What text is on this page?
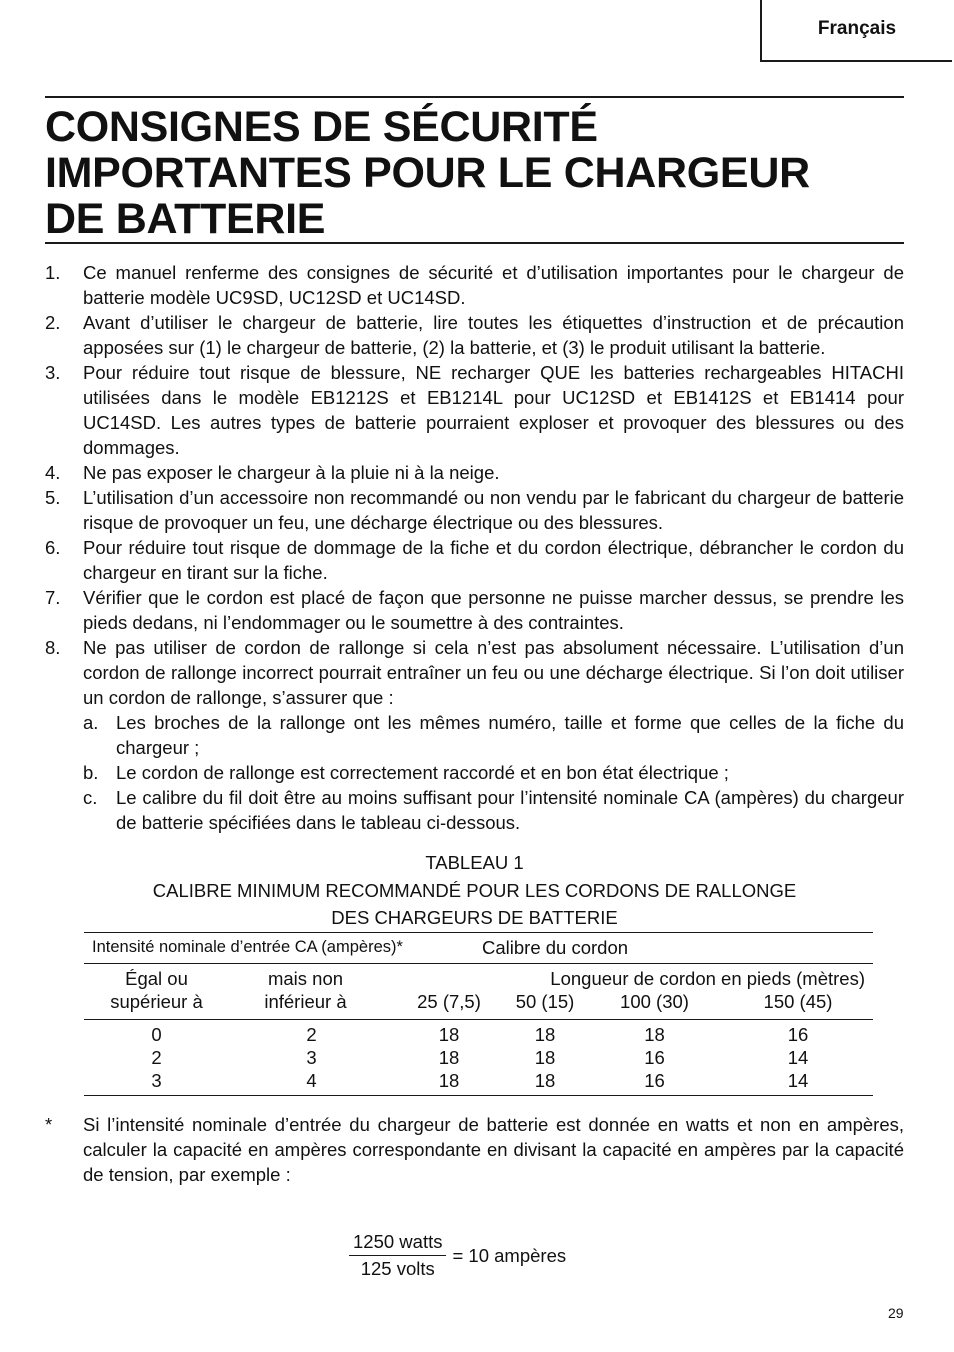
Français
CONSIGNES DE SÉCURITÉ
IMPORTANTES POUR LE CHARGEUR
DE BATTERIE
1.	Ce manuel renferme des consignes de sécurité et d’utilisation importantes pour le chargeur de batterie modèle UC9SD, UC12SD et UC14SD.
2.	Avant d’utiliser le chargeur de batterie, lire toutes les étiquettes d’instruction et de précaution apposées sur (1) le chargeur de batterie, (2) la batterie, et (3) le produit utilisant la batterie.
3.	Pour réduire tout risque de blessure, NE recharger QUE les batteries rechargeables HITACHI utilisées dans le modèle EB1212S et EB1214L pour UC12SD et EB1412S et EB1414 pour UC14SD. Les autres types de batterie pourraient exploser et provoquer des blessures ou des dommages.
4.	Ne pas exposer le chargeur à la pluie ni à la neige.
5.	L’utilisation d’un accessoire non recommandé ou non vendu par le fabricant du chargeur de batterie risque de provoquer un feu, une décharge électrique ou des blessures.
6.	Pour réduire tout risque de dommage de la fiche et du cordon électrique, débrancher le cordon du chargeur en tirant sur la fiche.
7.	Vérifier que le cordon est placé de façon que personne ne puisse marcher dessus, se prendre les pieds dedans, ni l’endommager ou le soumettre à des contraintes.
8.	Ne pas utiliser de cordon de rallonge si cela n’est pas absolument nécessaire. L’utilisation d’un cordon de rallonge incorrect pourrait entraîner un feu ou une décharge électrique. Si l’on doit utiliser un cordon de rallonge, s’assurer que :
a. Les broches de la rallonge ont les mêmes numéro, taille et forme que celles de la fiche du chargeur ;
b. Le cordon de rallonge est correctement raccordé et en bon état électrique ;
c.	Le calibre du fil doit être au moins suffisant pour l’intensité nominale CA (ampères) du chargeur de batterie spécifiées dans le tableau ci-dessous.
TABLEAU 1
CALIBRE MINIMUM RECOMMANDÉ POUR LES CORDONS DE RALLONGE
DES CHARGEURS DE BATTERIE
Intensité nominale d’entrée CA (ampères)*	Calibre du cordon
Égal ou	mais non	Longueur de cordon en pieds (mètres)
supérieur à	inférieur à	25 (7,5)	50 (15)	100 (30)	150 (45)
0	2	18	18	18	16
2	3	18	18	16	14
3	4	18	18	16	14

*	Si l’intensité nominale d’entrée du chargeur de batterie est donnée en watts et non en ampères, calculer la capacité en ampères correspondante en divisant la capacité en ampères par la capacité de tension, par exemple :
$\frac{\text{1250 watts}}{\text{125 volts}} = 10$ ampères
29
